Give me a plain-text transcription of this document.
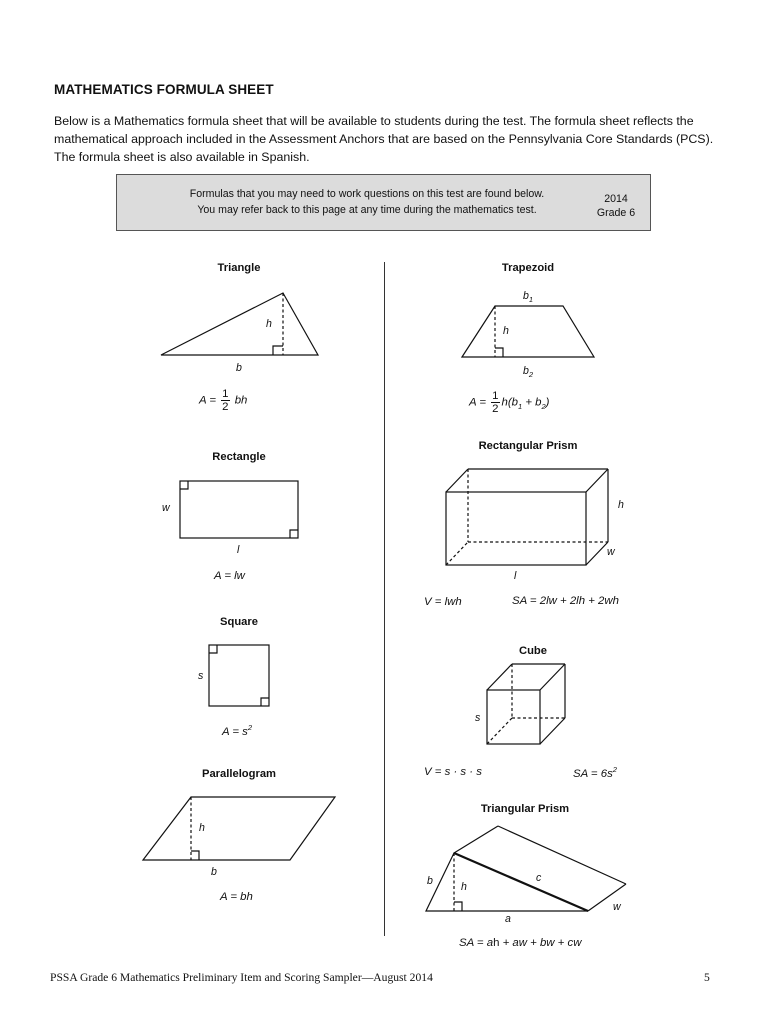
MATHEMATICS FORMULA SHEET
Below is a Mathematics formula sheet that will be available to students during the test. The formula sheet reflects the mathematical approach included in the Assessment Anchors that are based on the Pennsylvania Core Standards (PCS). The formula sheet is also available in Spanish.
Formulas that you may need to work questions on this test are found below.
You may refer back to this page at any time during the mathematics test.
2014
Grade 6
Triangle
h
b
$A = \frac{1}{2}$ bh
Rectangle
w
l
A = lw
Square
s
$A = s^2$
Parallelogram
h
b
A = bh
Trapezoid
$b_1$
h
$b_2$
$A = \frac{1}{2} h(b_1 + b_2)$
Rectangular Prism
h
w
l
V = lwh	SA = 2lw + 2lh + 2wh
Cube
s
V = s · s · s	SA = $6s^2$
Triangular Prism
b	h
c
w
a
SA = ah + aw + bw + cw
PSSA Grade 6 Mathematics Preliminary Item and Scoring Sampler—August 2014	5
